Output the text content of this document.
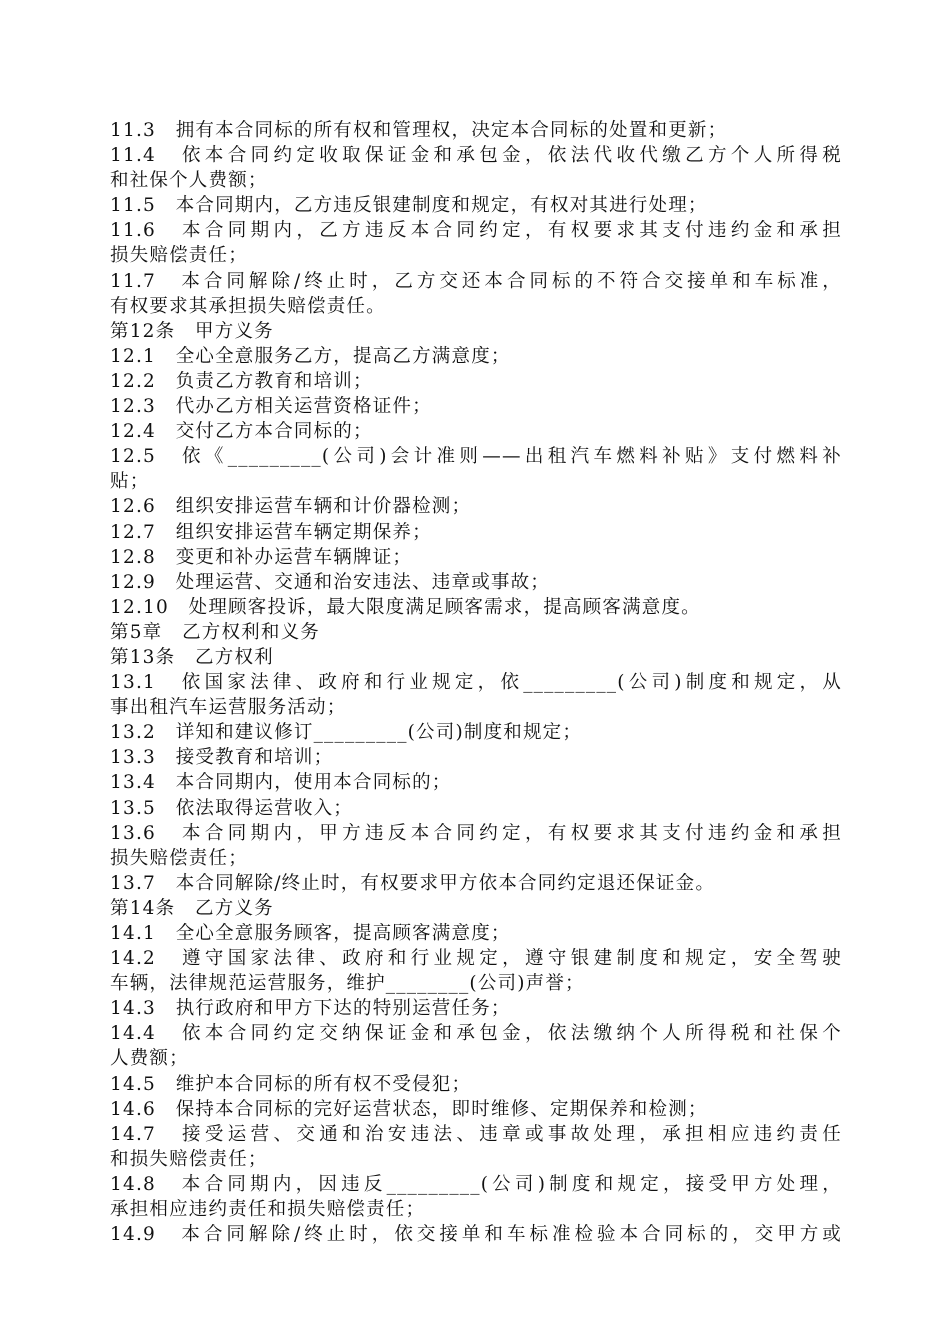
11.3　拥有本合同标的所有权和管理权，决定本合同标的处置和更新；
11.4　依本合同约定收取保证金和承包金，依法代收代缴乙方个人所得税
和社保个人费额；
11.5　本合同期内，乙方违反银建制度和规定，有权对其进行处理；
11.6　本合同期内，乙方违反本合同约定，有权要求其支付违约金和承担
损失赔偿责任；
11.7　本合同解除/终止时，乙方交还本合同标的不符合交接单和车标准，
有权要求其承担损失赔偿责任。
第12条　甲方义务
12.1　全心全意服务乙方，提高乙方满意度；
12.2　负责乙方教育和培训；
12.3　代办乙方相关运营资格证件；
12.4　交付乙方本合同标的；
12.5　依《_________(公司)会计准则——出租汽车燃料补贴》支付燃料补
贴；
12.6　组织安排运营车辆和计价器检测；
12.7　组织安排运营车辆定期保养；
12.8　变更和补办运营车辆牌证；
12.9　处理运营、交通和治安违法、违章或事故；
12.10　处理顾客投诉，最大限度满足顾客需求，提高顾客满意度。
第5章　乙方权利和义务
第13条　乙方权利
13.1　依国家法律、政府和行业规定，依_________(公司)制度和规定，从
事出租汽车运营服务活动；
13.2　详知和建议修订_________(公司)制度和规定；
13.3　接受教育和培训；
13.4　本合同期内，使用本合同标的；
13.5　依法取得运营收入；
13.6　本合同期内，甲方违反本合同约定，有权要求其支付违约金和承担
损失赔偿责任；
13.7　本合同解除/终止时，有权要求甲方依本合同约定退还保证金。
第14条　乙方义务
14.1　全心全意服务顾客，提高顾客满意度；
14.2　遵守国家法律、政府和行业规定，遵守银建制度和规定，安全驾驶
车辆，法律规范运营服务，维护________(公司)声誉；
14.3　执行政府和甲方下达的特别运营任务；
14.4　依本合同约定交纳保证金和承包金，依法缴纳个人所得税和社保个
人费额；
14.5　维护本合同标的所有权不受侵犯；
14.6　保持本合同标的完好运营状态，即时维修、定期保养和检测；
14.7　接受运营、交通和治安违法、违章或事故处理，承担相应违约责任
和损失赔偿责任；
14.8　本合同期内，因违反_________(公司)制度和规定，接受甲方处理，
承担相应违约责任和损失赔偿责任；
14.9　本合同解除/终止时，依交接单和车标准检验本合同标的，交甲方或
